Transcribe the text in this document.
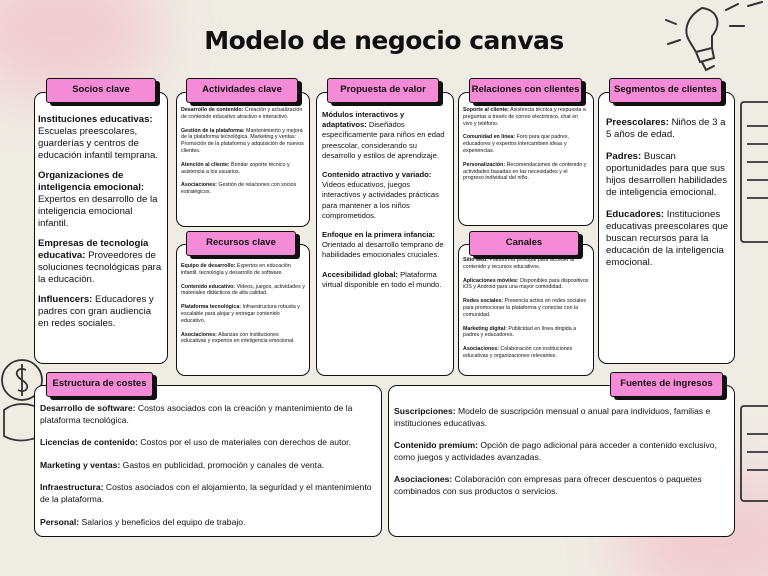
Modelo de negocio canvas
Instituciones educativas: Escuelas preescolares, guarderías y centros de educación infantil temprana.
Organizaciones de inteligencia emocional: Expertos en desarrollo de la inteligencia emocional infantil.
Empresas de tecnología educativa: Proveedores de soluciones tecnológicas para la educación.
Influencers: Educadores y padres con gran audiencia en redes sociales.
Socios clave
Desarrollo de contenido: Creación y actualización de contenido educativo atractivo e interactivo.
Gestión de la plataforma: Mantenimiento y mejora de la plataforma tecnológica. Marketing y ventas: Promoción de la plataforma y adquisición de nuevos clientes.
Atención al cliente: Brindar soporte técnico y asistencia a los usuarios.
Asociaciones: Gestión de relaciones con socios estratégicos.
Actividades clave
Equipo de desarrollo: Expertos en educación infantil, tecnología y desarrollo de software.
Contenido educativo: Videos, juegos, actividades y materiales didácticos de alta calidad.
Plataforma tecnológica: Infraestructura robusta y escalable para alojar y entregar contenido educativo.
Asociaciones: Alianzas con instituciones educativas y expertos en inteligencia emocional.
Recursos clave
Módulos interactivos y adaptativos: Diseñados específicamente para niños en edad preescolar, considerando su desarrollo y estilos de aprendizaje.
Contenido atractivo y variado: Videos educativos, juegos interactivos y actividades prácticas para mantener a los niños comprometidos.
Enfoque en la primera infancia: Orientado al desarrollo temprano de habilidades emocionales cruciales.
Accesibilidad global: Plataforma virtual disponible en todo el mundo.
Propuesta de valor
Soporte al cliente: Asistencia técnica y respuesta a preguntas a través de correo electrónico, chat en vivo y teléfono.
Comunidad en línea: Foro para que padres, educadores y expertos intercambien ideas y experiencias.
Personalización: Recomendaciones de contenido y actividades basadas en las necesidades y el progreso individual del niño.
Relaciones con clientes
Sitio web: Plataforma principal para acceder al contenido y recursos educativos.
Aplicaciones móviles: Disponibles para dispositivos iOS y Android para una mayor comodidad.
Redes sociales: Presencia activa en redes sociales para promocionar la plataforma y conectar con la comunidad.
Marketing digital: Publicidad en línea dirigida a padres y educadores.
Asociaciones: Colaboración con instituciones educativas y organizaciones relevantes.
Canales
Preescolares: Niños de 3 a 5 años de edad.
Padres: Buscan oportunidades para que sus hijos desarrollen habilidades de inteligencia emocional.
Educadores: Instituciones educativas preescolares que buscan recursos para la educación de la inteligencia emocional.
Segmentos de clientes
Desarrollo de software: Costos asociados con la creación y mantenimiento de la plataforma tecnológica.
Licencias de contenido: Costos por el uso de materiales con derechos de autor.
Marketing y ventas: Gastos en publicidad, promoción y canales de venta.
Infraestructura: Costos asociados con el alojamiento, la seguridad y el mantenimiento de la plataforma.
Personal: Salarios y beneficios del equipo de trabajo.
Estructura de costes
Suscripciones: Modelo de suscripción mensual o anual para individuos, familias e instituciones educativas.
Contenido premium: Opción de pago adicional para acceder a contenido exclusivo, como juegos y actividades avanzadas.
Asociaciones: Colaboración con empresas para ofrecer descuentos o paquetes combinados con sus productos o servicios.
Fuentes de ingresos
